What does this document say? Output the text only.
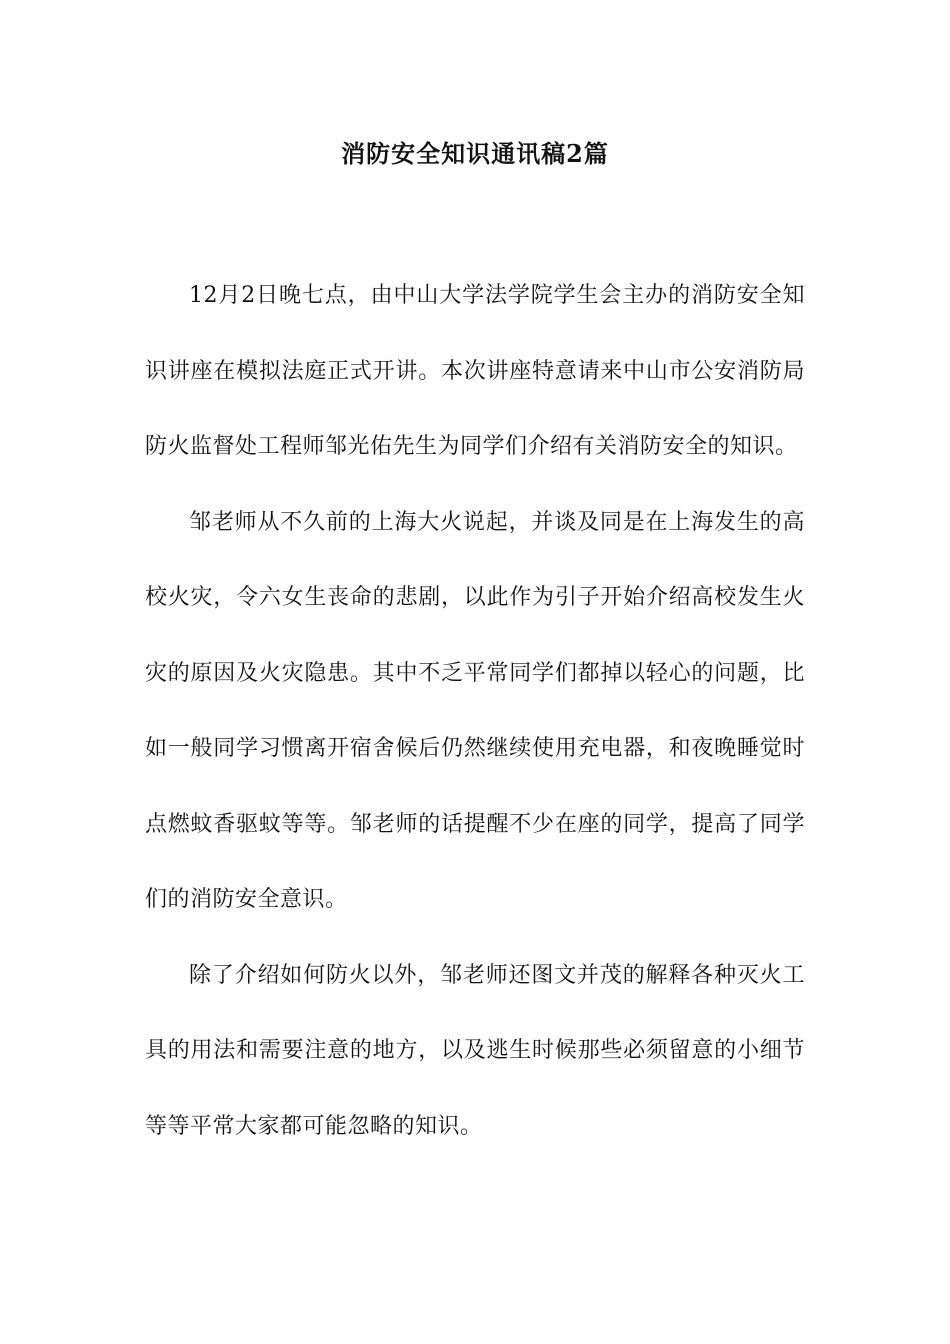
消防安全知识通讯稿2篇

12月2日晚七点，由中山大学法学院学生会主办的消防安全知识讲座在模拟法庭正式开讲。本次讲座特意请来中山市公安消防局防火监督处工程师邹光佑先生为同学们介绍有关消防安全的知识。

邹老师从不久前的上海大火说起，并谈及同是在上海发生的高校火灾，令六女生丧命的悲剧，以此作为引子开始介绍高校发生火灾的原因及火灾隐患。其中不乏平常同学们都掉以轻心的问题，比如一般同学习惯离开宿舍候后仍然继续使用充电器，和夜晚睡觉时点燃蚊香驱蚊等等。邹老师的话提醒不少在座的同学，提高了同学们的消防安全意识。

除了介绍如何防火以外，邹老师还图文并茂的解释各种灭火工具的用法和需要注意的地方，以及逃生时候那些必须留意的小细节等等平常大家都可能忽略的知识。
